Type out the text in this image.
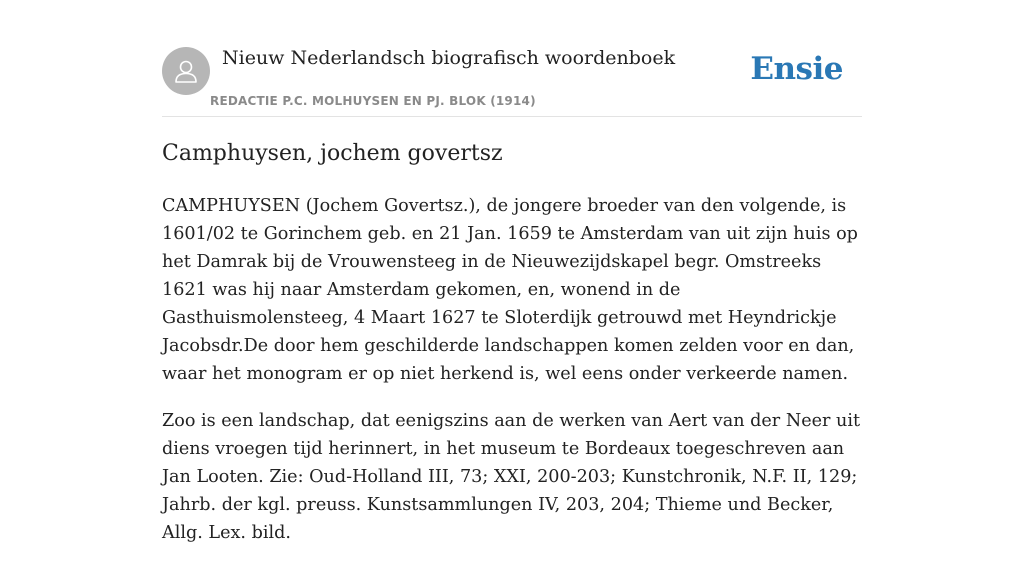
Nieuw Nederlandsch biografisch woordenboek
REDACTIE P.C. MOLHUYSEN EN PJ. BLOK (1914)
Ensie
Camphuysen, jochem govertsz

CAMPHUYSEN (Jochem Govertsz.), de jongere broeder van den volgende, is 1601/02 te Gorinchem geb. en 21 Jan. 1659 te Amsterdam van uit zijn huis op het Damrak bij de Vrouwensteeg in de Nieuwezijdskapel begr. Omstreeks 1621 was hij naar Amsterdam gekomen, en, wonend in de Gasthuismolensteeg, 4 Maart 1627 te Sloterdijk getrouwd met Heyndrickje Jacobsdr.De door hem geschilderde landschappen komen zelden voor en dan, waar het monogram er op niet herkend is, wel eens onder verkeerde namen.

Zoo is een landschap, dat eenigszins aan de werken van Aert van der Neer uit diens vroegen tijd herinnert, in het museum te Bordeaux toegeschreven aan Jan Looten. Zie: Oud-Holland III, 73; XXI, 200-203; Kunstchronik, N.F. II, 129; Jahrb. der kgl. preuss. Kunstsammlungen IV, 203, 204; Thieme und Becker, Allg. Lex. bild.
